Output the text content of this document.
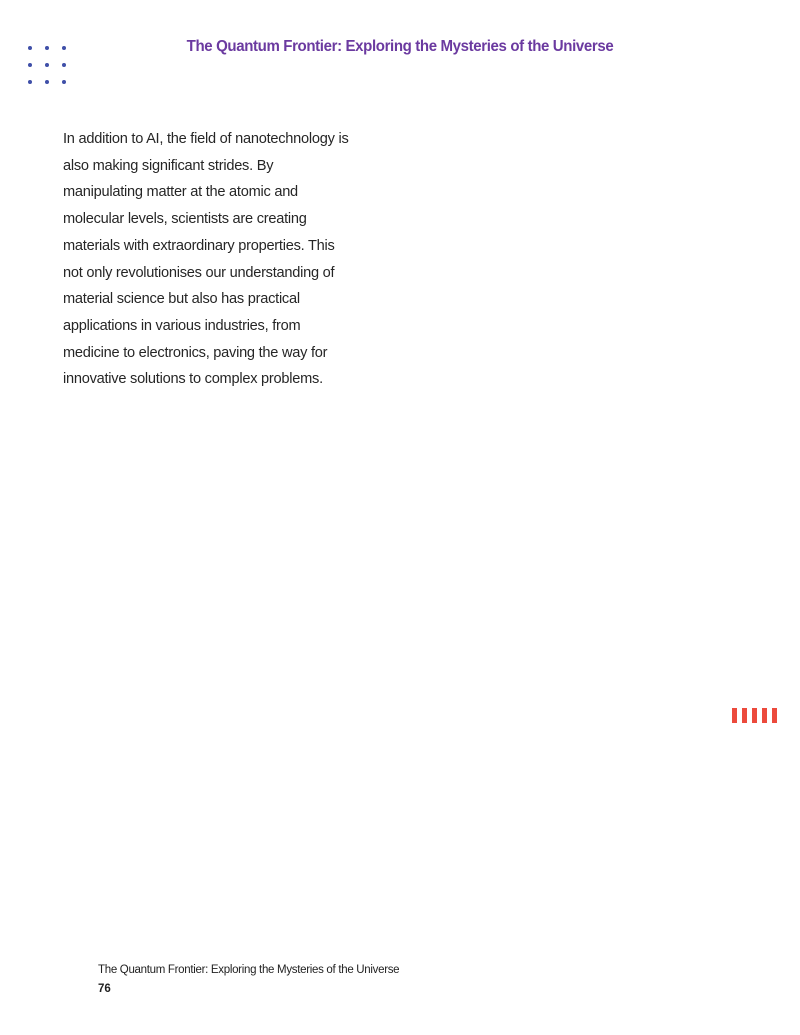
The Quantum Frontier: Exploring the Mysteries of the Universe
In addition to AI, the field of nanotechnology is also making significant strides. By manipulating matter at the atomic and molecular levels, scientists are creating materials with extraordinary properties. This not only revolutionises our understanding of material science but also has practical applications in various industries, from medicine to electronics, paving the way for innovative solutions to complex problems.
The Quantum Frontier: Exploring the Mysteries of the Universe
76
